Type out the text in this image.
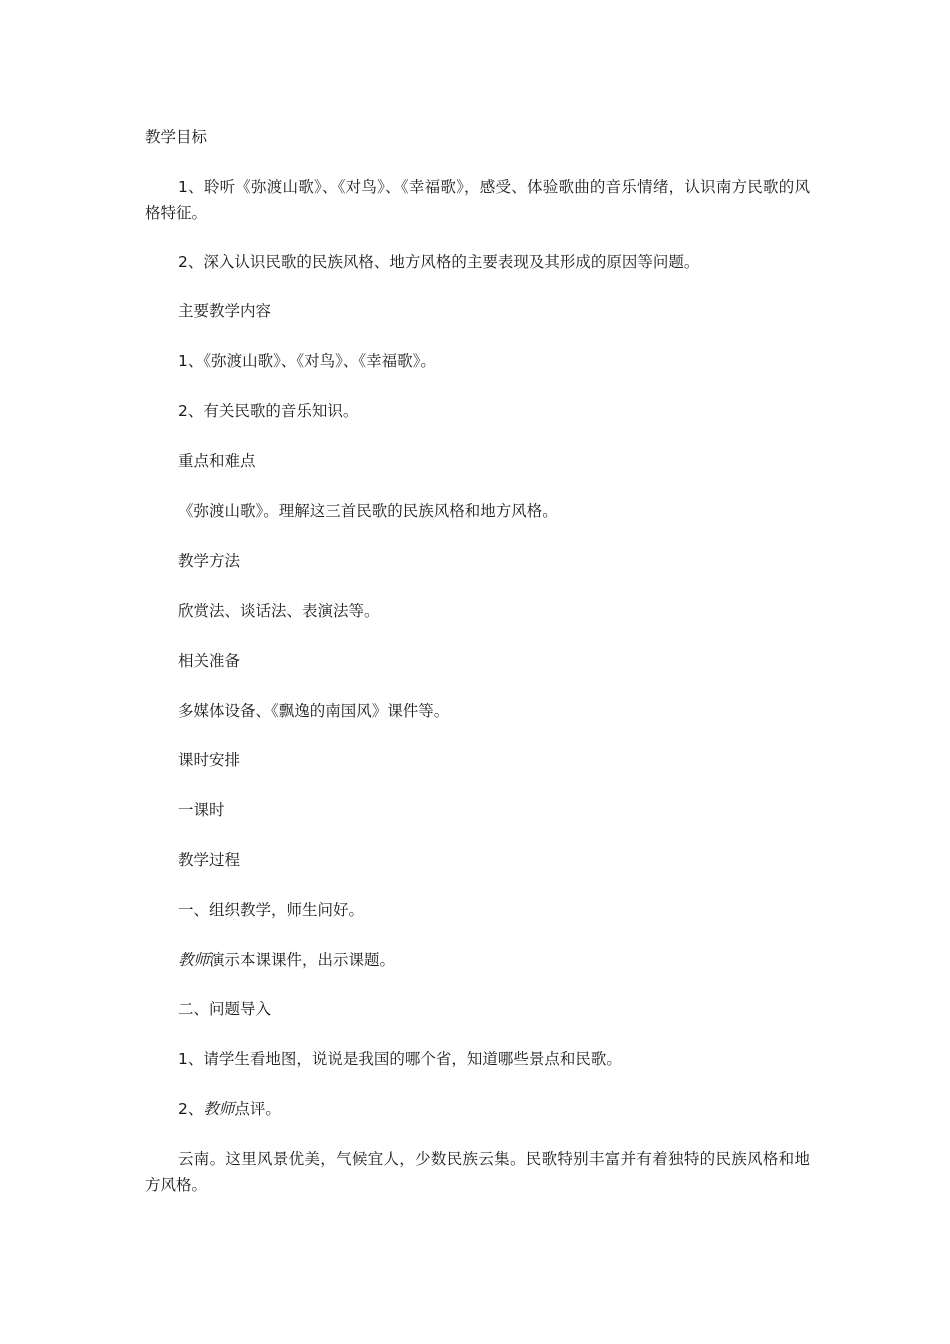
教学目标

1、聆听《弥渡山歌》、《对鸟》、《幸福歌》，感受、体验歌曲的音乐情绪，认识南方民歌的风格特征。

2、深入认识民歌的民族风格、地方风格的主要表现及其形成的原因等问题。

主要教学内容

1、《弥渡山歌》、《对鸟》、《幸福歌》。

2、有关民歌的音乐知识。

重点和难点

《弥渡山歌》。理解这三首民歌的民族风格和地方风格。

教学方法

欣赏法、谈话法、表演法等。

相关准备

多媒体设备、《飘逸的南国风》课件等。

课时安排

一课时

教学过程

一、组织教学，师生问好。

教师演示本课课件，出示课题。

二、问题导入

1、请学生看地图，说说是我国的哪个省，知道哪些景点和民歌。

2、教师点评。

云南。这里风景优美，气候宜人，少数民族云集。民歌特别丰富并有着独特的民族风格和地方风格。
